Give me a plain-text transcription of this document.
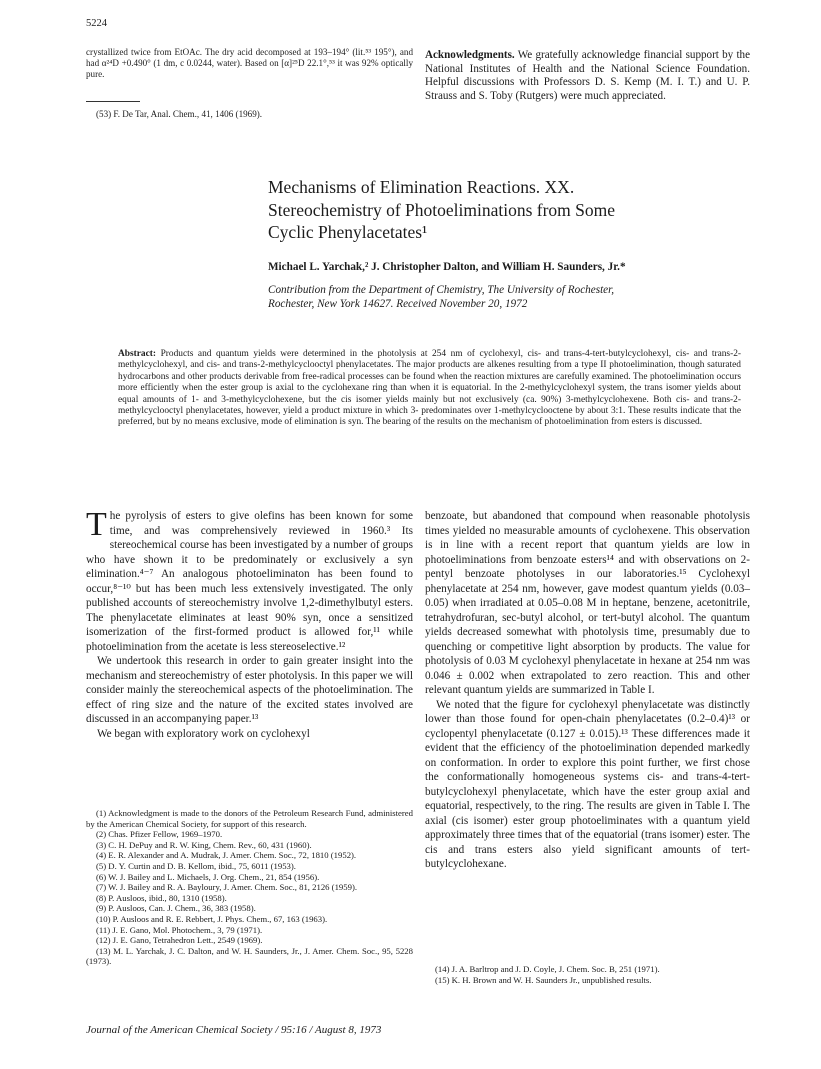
5224
crystallized twice from EtOAc. The dry acid decomposed at 193–194° (lit.⁵³ 195°), and had α²⁴D +0.490° (1 dm, c 0.0244, water). Based on [α]²⁵D 22.1°,⁵³ it was 92% optically pure.
(53) F. De Tar, Anal. Chem., 41, 1406 (1969).
Acknowledgments. We gratefully acknowledge financial support by the National Institutes of Health and the National Science Foundation. Helpful discussions with Professors D. S. Kemp (M. I. T.) and U. P. Strauss and S. Toby (Rutgers) were much appreciated.
Mechanisms of Elimination Reactions. XX.
Stereochemistry of Photoeliminations from Some
Cyclic Phenylacetates¹
Michael L. Yarchak,² J. Christopher Dalton, and William H. Saunders, Jr.*
Contribution from the Department of Chemistry, The University of Rochester,
Rochester, New York 14627. Received November 20, 1972
Abstract: Products and quantum yields were determined in the photolysis at 254 nm of cyclohexyl, cis- and trans-4-tert-butylcyclohexyl, cis- and trans-2-methylcyclohexyl, and cis- and trans-2-methylcyclooctyl phenylacetates. The major products are alkenes resulting from a type II photoelimination, though saturated hydrocarbons and other products derivable from free-radical processes can be found when the reaction mixtures are carefully examined. The photoelimination occurs more efficiently when the ester group is axial to the cyclohexane ring than when it is equatorial. In the 2-methylcyclohexyl system, the trans isomer yields about equal amounts of 1- and 3-methylcyclohexene, but the cis isomer yields mainly but not exclusively (ca. 90%) 3-methylcyclohexene. Both cis- and trans-2-methylcyclooctyl phenylacetates, however, yield a product mixture in which 3- predominates over 1-methylcyclooctene by about 3:1. These results indicate that the preferred, but by no means exclusive, mode of elimination is syn. The bearing of the results on the mechanism of photoelimination from esters is discussed.

The pyrolysis of esters to give olefins has been known for some time, and was comprehensively reviewed in 1960.³ Its stereochemical course has been investigated by a number of groups who have shown it to be predominately or exclusively a syn elimination.⁴⁻⁷ An analogous photoeliminaton has been found to occur,⁸⁻¹⁰ but has been much less extensively investigated. The only published accounts of stereochemistry involve 1,2-dimethylbutyl esters. The phenylacetate eliminates at least 90% syn, once a sensitized isomerization of the first-formed product is allowed for,¹¹ while photoelimination from the acetate is less stereoselective.¹²

We undertook this research in order to gain greater insight into the mechanism and stereochemistry of ester photolysis. In this paper we will consider mainly the stereochemical aspects of the photoelimination. The effect of ring size and the nature of the excited states involved are discussed in an accompanying paper.¹³

We began with exploratory work on cyclohexyl

(1) Acknowledgment is made to the donors of the Petroleum Research Fund, administered by the American Chemical Society, for support of this research.

(2) Chas. Pfizer Fellow, 1969–1970.

(3) C. H. DePuy and R. W. King, Chem. Rev., 60, 431 (1960).

(4) E. R. Alexander and A. Mudrak, J. Amer. Chem. Soc., 72, 1810 (1952).

(5) D. Y. Curtin and D. B. Kellom, ibid., 75, 6011 (1953).

(6) W. J. Bailey and L. Michaels, J. Org. Chem., 21, 854 (1956).

(7) W. J. Bailey and R. A. Bayloury, J. Amer. Chem. Soc., 81, 2126 (1959).

(8) P. Ausloos, ibid., 80, 1310 (1958).

(9) P. Ausloos, Can. J. Chem., 36, 383 (1958).

(10) P. Ausloos and R. E. Rebbert, J. Phys. Chem., 67, 163 (1963).

(11) J. E. Gano, Mol. Photochem., 3, 79 (1971).

(12) J. E. Gano, Tetrahedron Lett., 2549 (1969).

(13) M. L. Yarchak, J. C. Dalton, and W. H. Saunders, Jr., J. Amer. Chem. Soc., 95, 5228 (1973).

benzoate, but abandoned that compound when reasonable photolysis times yielded no measurable amounts of cyclohexene. This observation is in line with a recent report that quantum yields are low in photoeliminations from benzoate esters¹⁴ and with observations on 2-pentyl benzoate photolyses in our laboratories.¹⁵ Cyclohexyl phenylacetate at 254 nm, however, gave modest quantum yields (0.03–0.05) when irradiated at 0.05–0.08 M in heptane, benzene, acetonitrile, tetrahydrofuran, sec-butyl alcohol, or tert-butyl alcohol. The quantum yields decreased somewhat with photolysis time, presumably due to quenching or competitive light absorption by products. The value for photolysis of 0.03 M cyclohexyl phenylacetate in hexane at 254 nm was 0.046 ± 0.002 when extrapolated to zero reaction. This and other relevant quantum yields are summarized in Table I.

We noted that the figure for cyclohexyl phenylacetate was distinctly lower than those found for open-chain phenylacetates (0.2–0.4)¹³ or cyclopentyl phenylacetate (0.127 ± 0.015).¹³ These differences made it evident that the efficiency of the photoelimination depended markedly on conformation. In order to explore this point further, we first chose the conformationally homogeneous systems cis- and trans-4-tert-butylcyclohexyl phenylacetate, which have the ester group axial and equatorial, respectively, to the ring. The results are given in Table I. The axial (cis isomer) ester group photoeliminates with a quantum yield approximately three times that of the equatorial (trans isomer) ester. The cis and trans esters also yield significant amounts of tert-butylcyclohexane.

(14) J. A. Barltrop and J. D. Coyle, J. Chem. Soc. B, 251 (1971).

(15) K. H. Brown and W. H. Saunders Jr., unpublished results.

Journal of the American Chemical Society / 95:16 / August 8, 1973
